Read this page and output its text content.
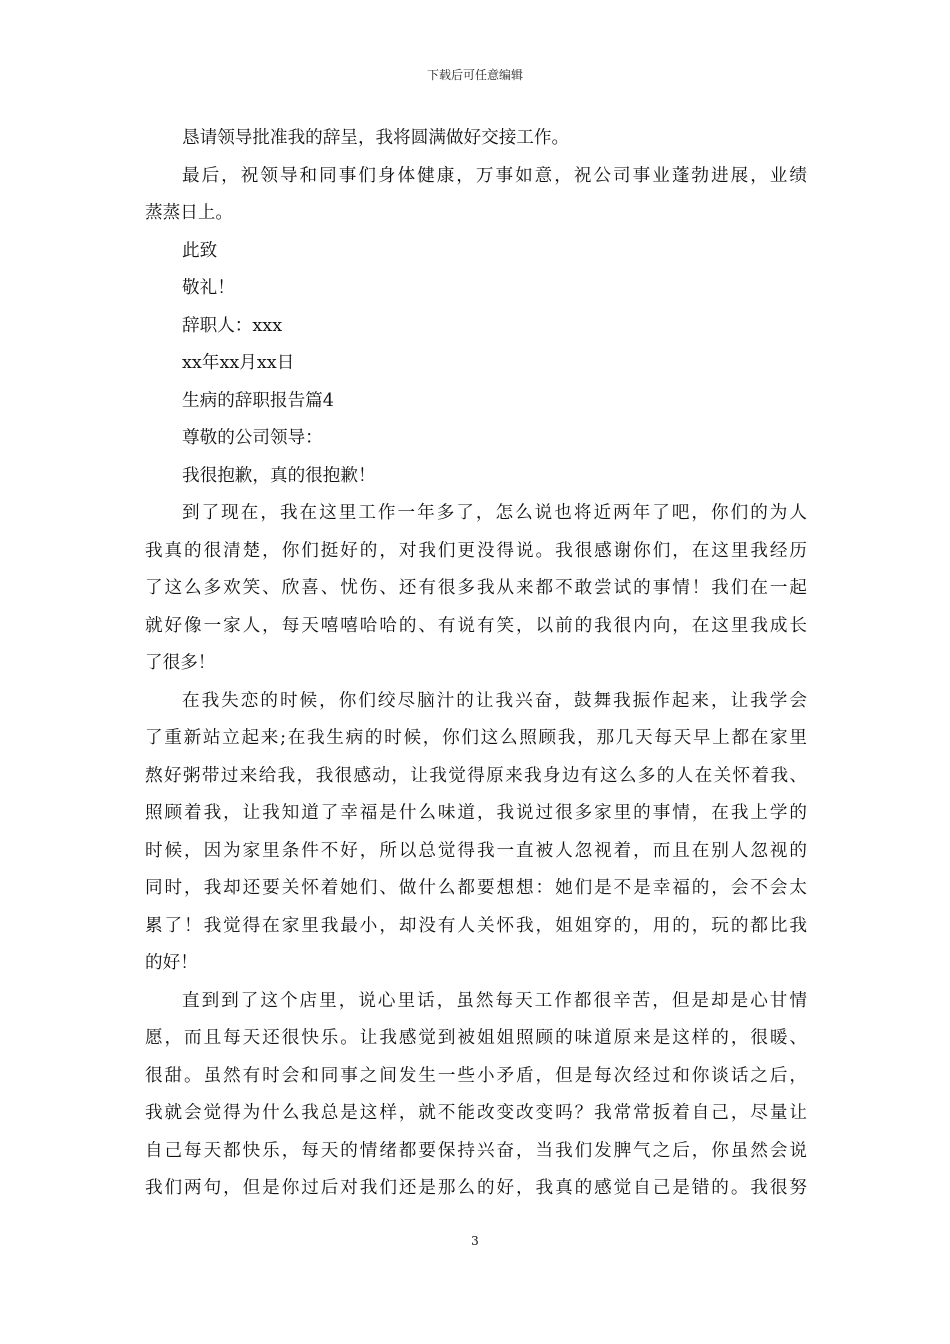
下载后可任意编辑
恳请领导批准我的辞呈，我将圆满做好交接工作。
最后，祝领导和同事们身体健康，万事如意，祝公司事业蓬勃进展，业绩
蒸蒸日上。
此致
敬礼！
辞职人：xxx
xx年xx月xx日
生病的辞职报告篇4
尊敬的公司领导：
我很抱歉，真的很抱歉！
到了现在，我在这里工作一年多了，怎么说也将近两年了吧，你们的为人
我真的很清楚，你们挺好的，对我们更没得说。我很感谢你们，在这里我经历
了这么多欢笑、欣喜、忧伤、还有很多我从来都不敢尝试的事情！我们在一起
就好像一家人，每天嘻嘻哈哈的、有说有笑，以前的我很内向，在这里我成长
了很多！
在我失恋的时候，你们绞尽脑汁的让我兴奋，鼓舞我振作起来，让我学会
了重新站立起来;在我生病的时候，你们这么照顾我，那几天每天早上都在家里
熬好粥带过来给我，我很感动，让我觉得原来我身边有这么多的人在关怀着我、
照顾着我，让我知道了幸福是什么味道，我说过很多家里的事情，在我上学的
时候，因为家里条件不好，所以总觉得我一直被人忽视着，而且在别人忽视的
同时，我却还要关怀着她们、做什么都要想想：她们是不是幸福的，会不会太
累了！我觉得在家里我最小，却没有人关怀我，姐姐穿的，用的，玩的都比我
的好！
直到到了这个店里，说心里话，虽然每天工作都很辛苦，但是却是心甘情
愿，而且每天还很快乐。让我感觉到被姐姐照顾的味道原来是这样的，很暖、
很甜。虽然有时会和同事之间发生一些小矛盾，但是每次经过和你谈话之后，
我就会觉得为什么我总是这样，就不能改变改变吗？我常常扳着自己，尽量让
自己每天都快乐，每天的情绪都要保持兴奋，当我们发脾气之后，你虽然会说
我们两句，但是你过后对我们还是那么的好，我真的感觉自己是错的。我很努
3
